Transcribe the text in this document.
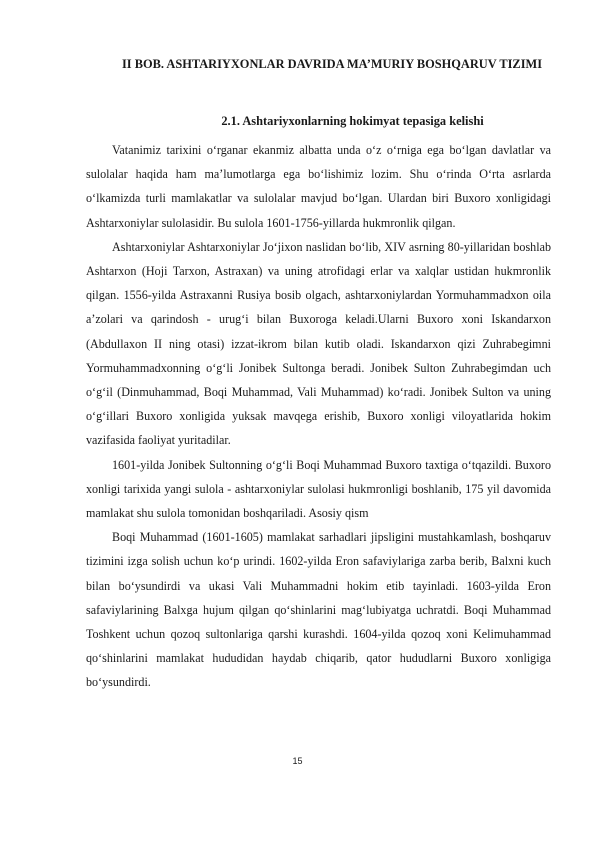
II BOB. ASHTARIYXONLAR DAVRIDA MA’MURIY BOSHQARUV TIZIMI
2.1. Ashtariyxonlarning hokimyat tepasiga kelishi

Vatanimiz tarixini o‘rganar ekanmiz albatta unda o‘z o‘rniga ega bo‘lgan davlatlar va sulolalar haqida ham ma’lumotlarga ega bo‘lishimiz lozim. Shu o‘rinda O‘rta asrlarda o‘lkamizda turli mamlakatlar va sulolalar mavjud bo‘lgan. Ulardan biri Buxoro xonligidagi Ashtarxoniylar sulolasidir. Bu sulola 1601-1756-yillarda hukmronlik qilgan.

Ashtarxoniylar Ashtarxoniylar Jo‘jixon naslidan bo‘lib, XIV asrning 80-yillaridan boshlab Ashtarxon (Hoji Tarxon, Astraxan) va uning atrofidagi erlar va xalqlar ustidan hukmronlik qilgan. 1556-yilda Astraxanni Rusiya bosib olgach, ashtarxoniylardan Yormuhammadxon oila a’zolari va qarindosh - urug‘i bilan Buxoroga keladi.Ularni Buxoro xoni Iskandarxon (Abdullaxon II ning otasi) izzat-ikrom bilan kutib oladi. Iskandarxon qizi Zuhrabegimni Yormuhammadxonning o‘g‘li Jonibek Sultonga beradi. Jonibek Sulton Zuhrabegimdan uch o‘g‘il (Dinmuhammad, Boqi Muhammad, Vali Muhammad) ko‘radi. Jonibek Sulton va uning o‘g‘illari Buxoro xonligida yuksak mavqega erishib, Buxoro xonligi viloyatlarida hokim vazifasida faoliyat yuritadilar.

1601-yilda Jonibek Sultonning o‘g‘li Boqi Muhammad Buxoro taxtiga o‘tqazildi. Buxoro xonligi tarixida yangi sulola - ashtarxoniylar sulolasi hukmronligi boshlanib, 175 yil davomida mamlakat shu sulola tomonidan boshqariladi. Asosiy qism

Boqi Muhammad (1601-1605) mamlakat sarhadlari jipsligini mustahkamlash, boshqaruv tizimini izga solish uchun ko‘p urindi. 1602-yilda Eron safaviylariga zarba berib, Balxni kuch bilan bo‘ysundirdi va ukasi Vali Muhammadni hokim etib tayinladi. 1603-yilda Eron safaviylarining Balxga hujum qilgan qo‘shinlarini mag‘lubiyatga uchratdi. Boqi Muhammad Toshkent uchun qozoq sultonlariga qarshi kurashdi. 1604-yilda qozoq xoni Kelimuhammad qo‘shinlarini mamlakat hududidan haydab chiqarib, qator hududlarni Buxoro xonligiga bo‘ysundirdi.

15
